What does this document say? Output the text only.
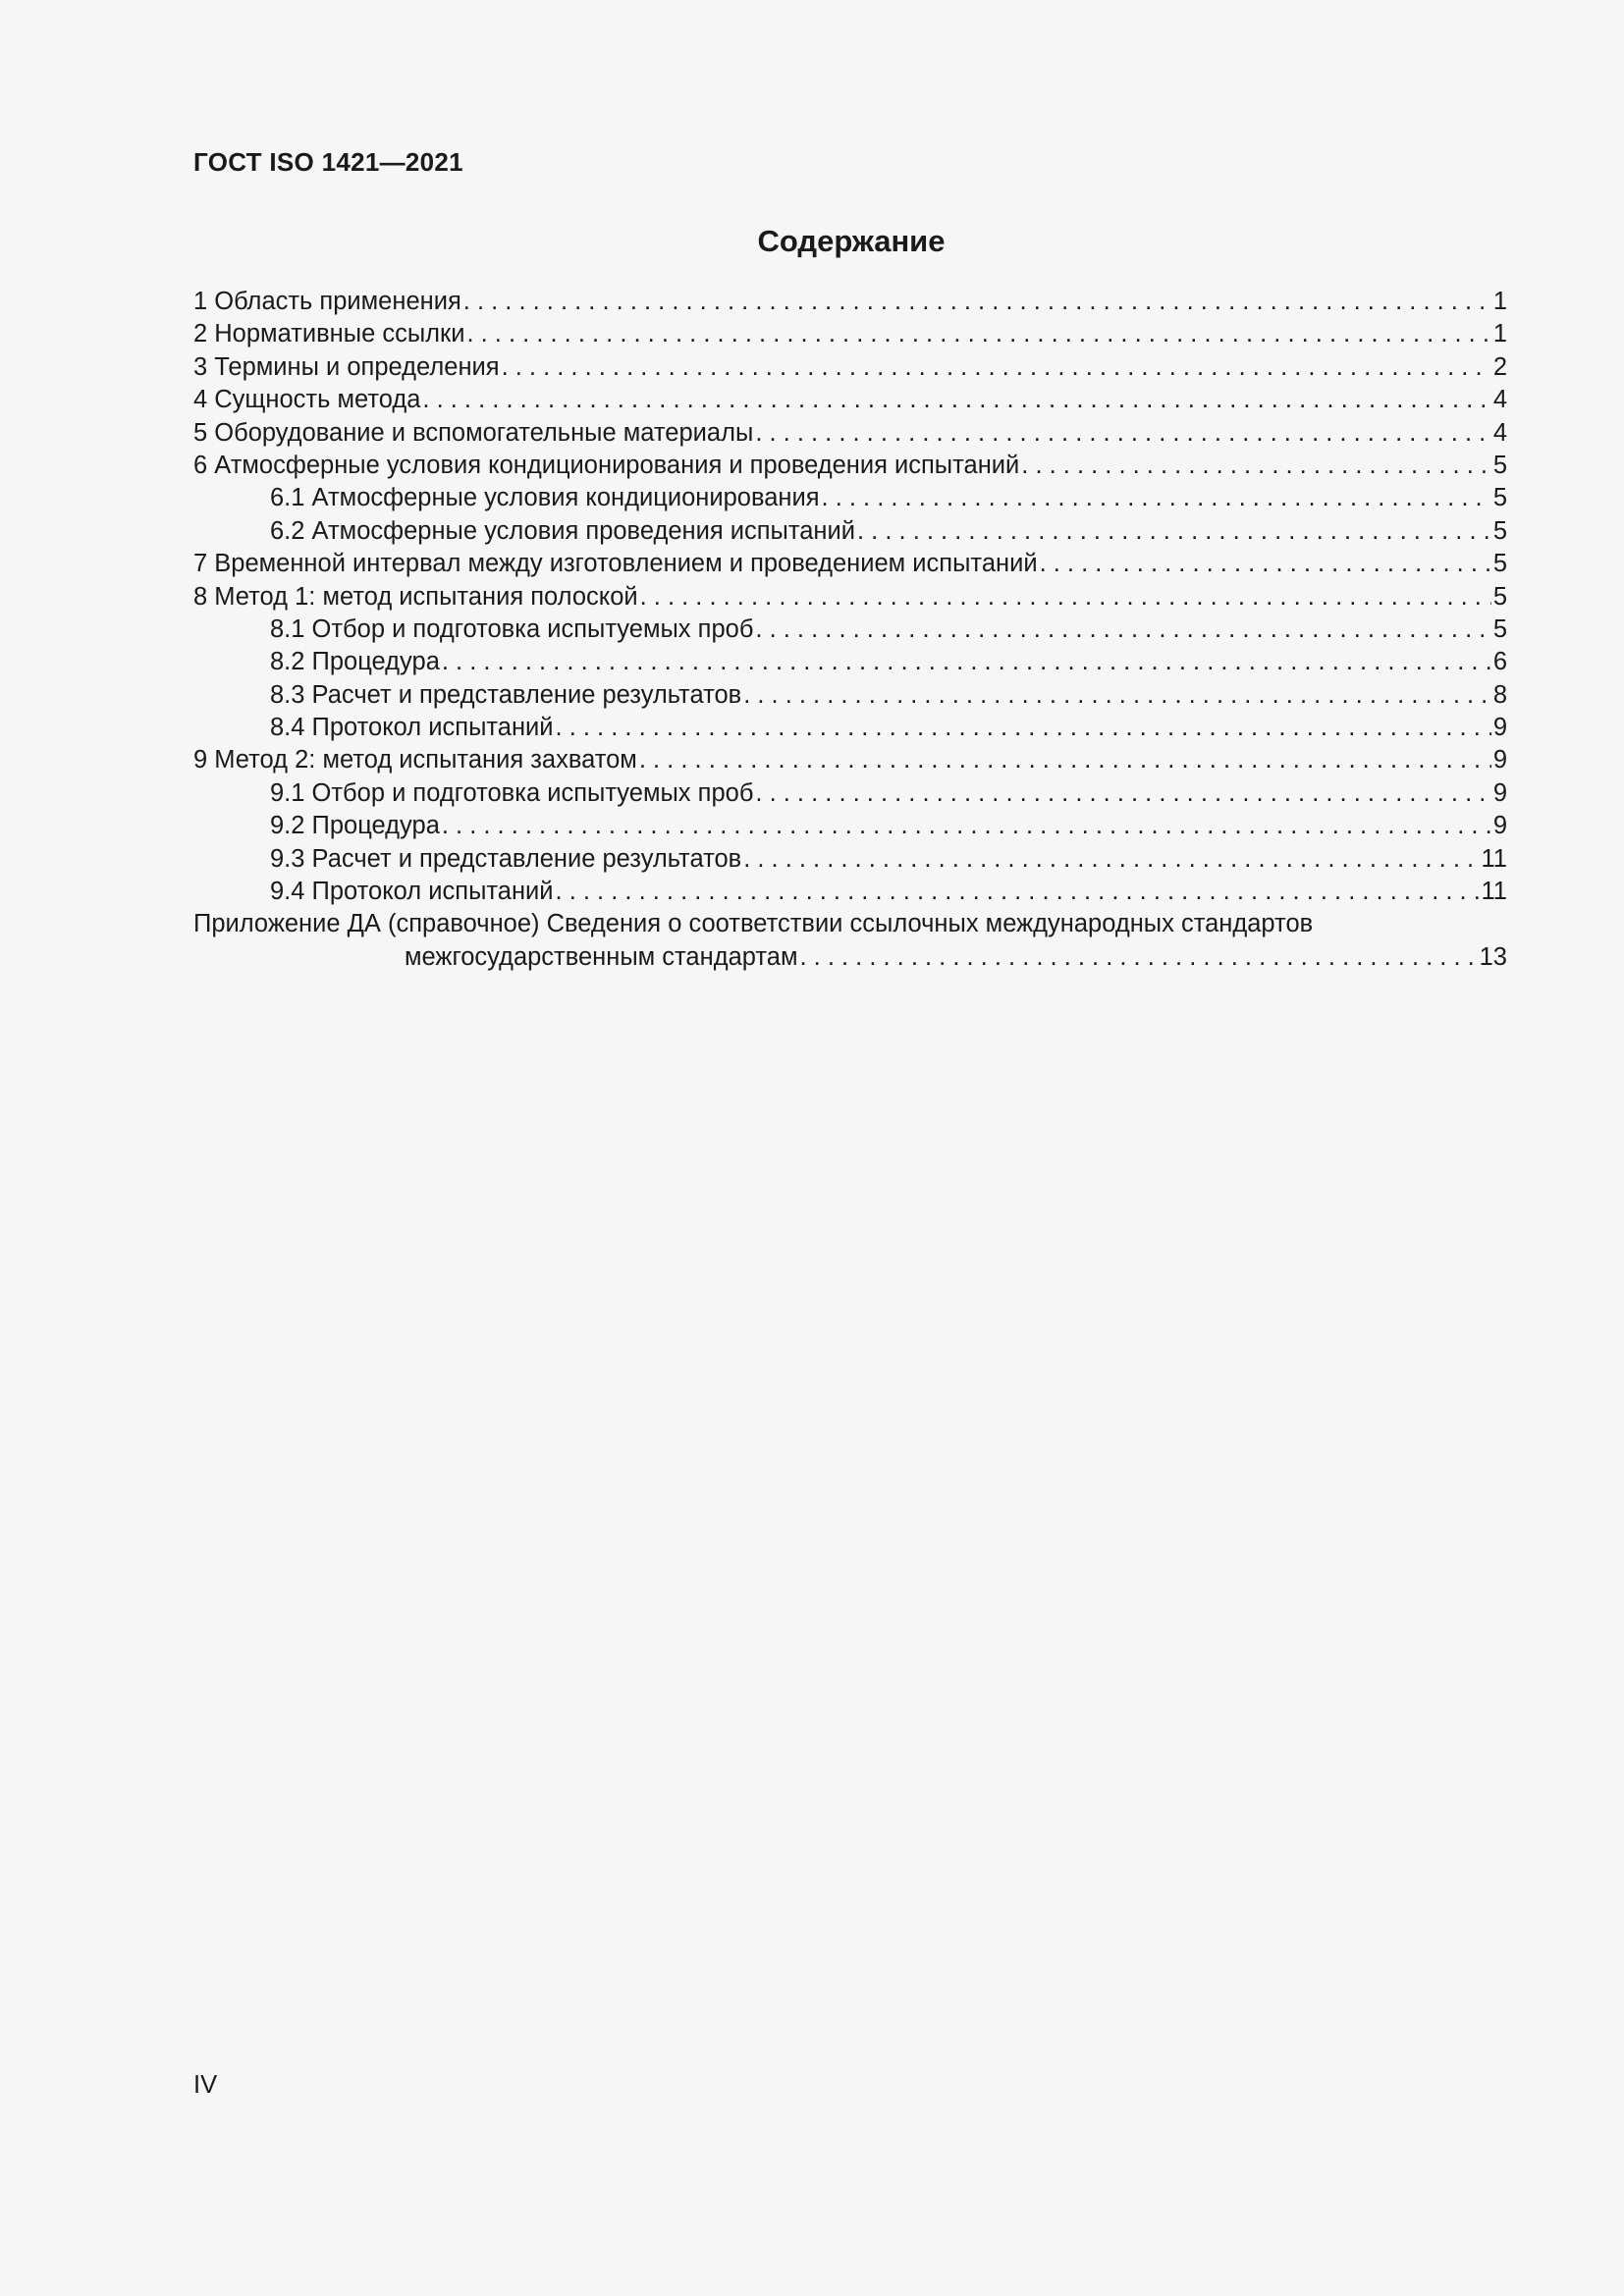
ГОСТ ISO 1421—2021
Содержание
1 Область применения . . .	1
2 Нормативные ссылки . . .	1
3 Термины и определения . . .	2
4 Сущность метода . . .	4
5 Оборудование и вспомогательные материалы . . .	4
6 Атмосферные условия кондиционирования и проведения испытаний . . .	5
6.1 Атмосферные условия кондиционирования . . .	5
6.2 Атмосферные условия проведения испытаний . . .	5
7 Временной интервал между изготовлением и проведением испытаний . . .	5
8 Метод 1: метод испытания полоской . . .	5
8.1 Отбор и подготовка испытуемых проб . . .	5
8.2 Процедура . . .	6
8.3 Расчет и представление результатов . . .	8
8.4 Протокол испытаний . . .	9
9 Метод 2: метод испытания захватом . . .	9
9.1 Отбор и подготовка испытуемых проб . . .	9
9.2 Процедура . . .	9
9.3 Расчет и представление результатов . . .	11
9.4 Протокол испытаний . . .	11
Приложение ДА (справочное) Сведения о соответствии ссылочных международных стандартов
межгосударственным стандартам . . .	13

IV
